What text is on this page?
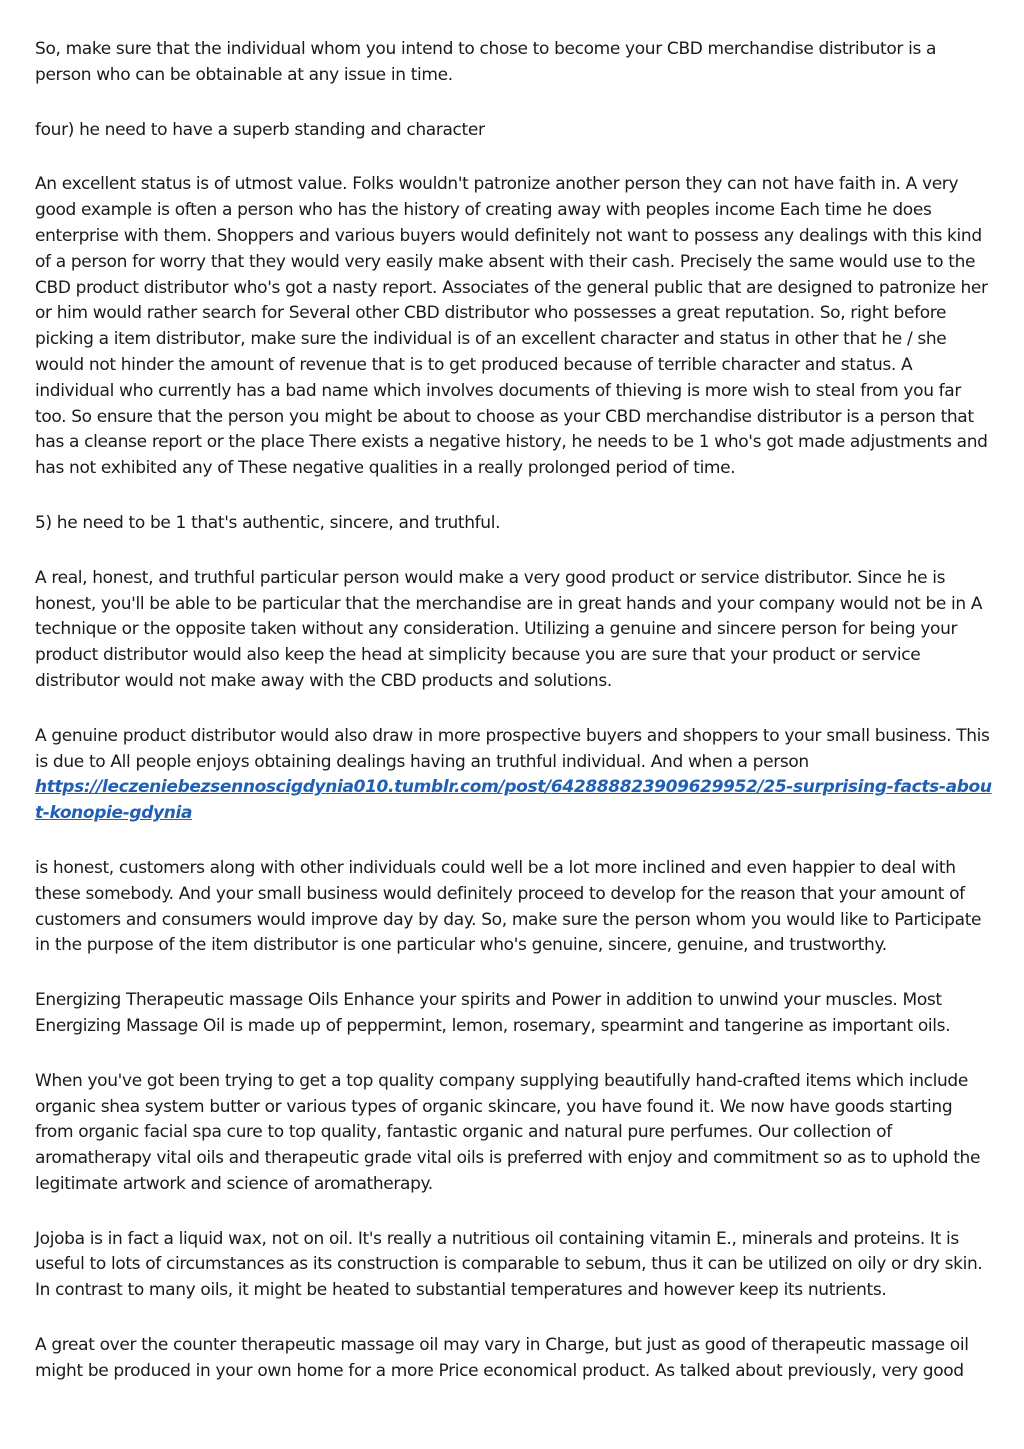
So, make sure that the individual whom you intend to chose to become your CBD merchandise distributor is a person who can be obtainable at any issue in time.

four) he need to have a superb standing and character

An excellent status is of utmost value. Folks wouldn't patronize another person they can not have faith in. A very good example is often a person who has the history of creating away with peoples income Each time he does enterprise with them. Shoppers and various buyers would definitely not want to possess any dealings with this kind of a person for worry that they would very easily make absent with their cash. Precisely the same would use to the CBD product distributor who's got a nasty report. Associates of the general public that are designed to patronize her or him would rather search for Several other CBD distributor who possesses a great reputation. So, right before picking a item distributor, make sure the individual is of an excellent character and status in other that he / she would not hinder the amount of revenue that is to get produced because of terrible character and status. A individual who currently has a bad name which involves documents of thieving is more wish to steal from you far too. So ensure that the person you might be about to choose as your CBD merchandise distributor is a person that has a cleanse report or the place There exists a negative history, he needs to be 1 who's got made adjustments and has not exhibited any of These negative qualities in a really prolonged period of time.

5) he need to be 1 that's authentic, sincere, and truthful.

A real, honest, and truthful particular person would make a very good product or service distributor. Since he is honest, you'll be able to be particular that the merchandise are in great hands and your company would not be in A technique or the opposite taken without any consideration. Utilizing a genuine and sincere person for being your product distributor would also keep the head at simplicity because you are sure that your product or service distributor would not make away with the CBD products and solutions.

A genuine product distributor would also draw in more prospective buyers and shoppers to your small business. This is due to All people enjoys obtaining dealings having an truthful individual. And when a person

https://leczeniebezsennoscigdynia010.tumblr.com/post/642888823909629952/25-surprising-facts-about-konopie-gdynia

is honest, customers along with other individuals could well be a lot more inclined and even happier to deal with these somebody. And your small business would definitely proceed to develop for the reason that your amount of customers and consumers would improve day by day. So, make sure the person whom you would like to Participate in the purpose of the item distributor is one particular who's genuine, sincere, genuine, and trustworthy.

Energizing Therapeutic massage Oils Enhance your spirits and Power in addition to unwind your muscles. Most Energizing Massage Oil is made up of peppermint, lemon, rosemary, spearmint and tangerine as important oils.

When you've got been trying to get a top quality company supplying beautifully hand-crafted items which include organic shea system butter or various types of organic skincare, you have found it. We now have goods starting from organic facial spa cure to top quality, fantastic organic and natural pure perfumes. Our collection of aromatherapy vital oils and therapeutic grade vital oils is preferred with enjoy and commitment so as to uphold the legitimate artwork and science of aromatherapy.

Jojoba is in fact a liquid wax, not on oil. It's really a nutritious oil containing vitamin E., minerals and proteins. It is useful to lots of circumstances as its construction is comparable to sebum, thus it can be utilized on oily or dry skin. In contrast to many oils, it might be heated to substantial temperatures and however keep its nutrients.

A great over the counter therapeutic massage oil may vary in Charge, but just as good of therapeutic massage oil might be produced in your own home for a more Price economical product. As talked about previously, very good
